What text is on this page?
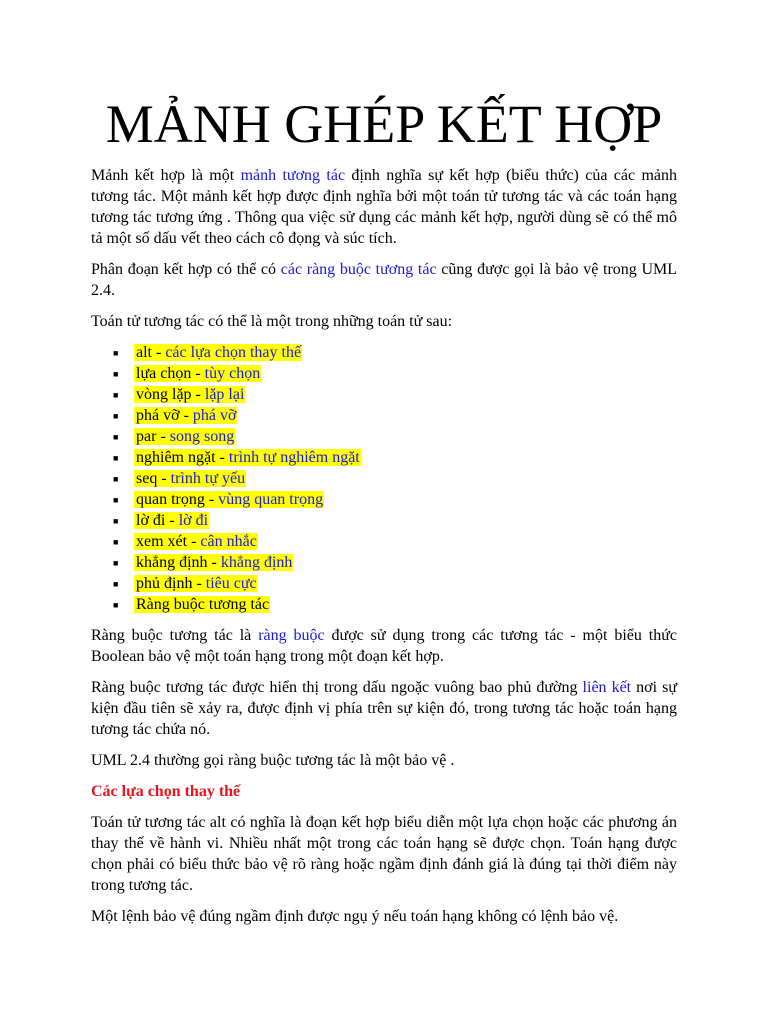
MẢNH GHÉP KẾT HỢP

Mảnh kết hợp là một mảnh tương tác định nghĩa sự kết hợp (biểu thức) của các mảnh tương tác. Một mảnh kết hợp được định nghĩa bởi một toán tử tương tác và các toán hạng tương tác tương ứng . Thông qua việc sử dụng các mảnh kết hợp, người dùng sẽ có thể mô tả một số dấu vết theo cách cô đọng và súc tích.

Phân đoạn kết hợp có thể có các ràng buộc tương tác cũng được gọi là bảo vệ trong UML 2.4.

Toán tử tương tác có thể là một trong những toán tử sau:

■ alt - các lựa chọn thay thế
■ lựa chọn - tùy chọn
■ vòng lặp - lặp lại
■ phá vỡ - phá vỡ
■ par - song song
■ nghiêm ngặt - trình tự nghiêm ngặt
■ seq - trình tự yếu
■ quan trọng - vùng quan trọng
■ lờ đi - lờ đi
■ xem xét - cân nhắc
■ khẳng định - khẳng định
■ phủ định - tiêu cực
■ Ràng buộc tương tác

Ràng buộc tương tác là ràng buộc được sử dụng trong các tương tác - một biểu thức Boolean bảo vệ một toán hạng trong một đoạn kết hợp.

Ràng buộc tương tác được hiển thị trong dấu ngoặc vuông bao phủ đường liên kết nơi sự kiện đầu tiên sẽ xảy ra, được định vị phía trên sự kiện đó, trong tương tác hoặc toán hạng tương tác chứa nó.

UML 2.4 thường gọi ràng buộc tương tác là một bảo vệ .

Các lựa chọn thay thế

Toán tử tương tác alt có nghĩa là đoạn kết hợp biểu diễn một lựa chọn hoặc các phương án thay thế về hành vi. Nhiều nhất một trong các toán hạng sẽ được chọn. Toán hạng được chọn phải có biểu thức bảo vệ rõ ràng hoặc ngầm định đánh giá là đúng tại thời điểm này trong tương tác.

Một lệnh bảo vệ đúng ngầm định được ngụ ý nếu toán hạng không có lệnh bảo vệ.
